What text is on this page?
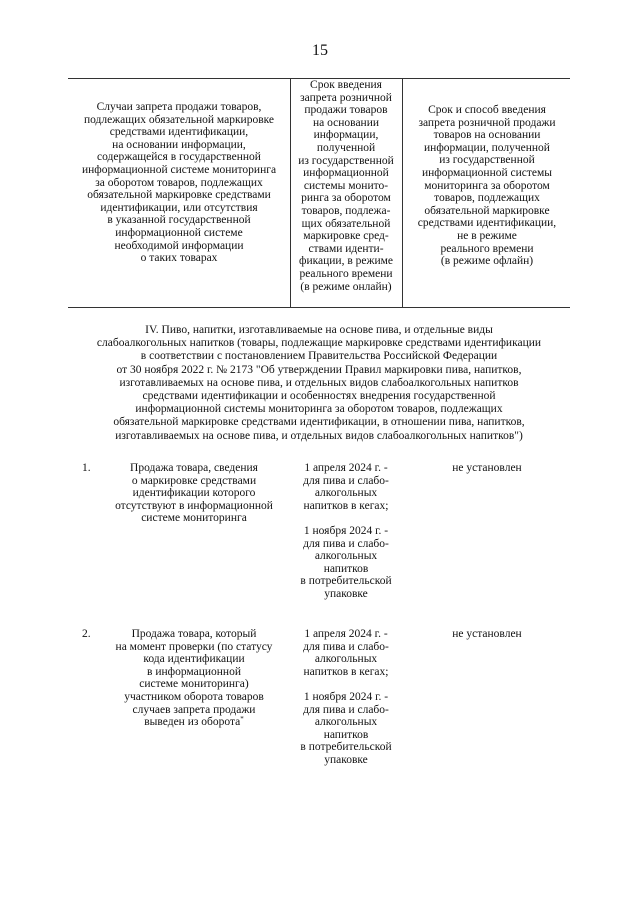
15
Случаи запрета продажи товаров,
подлежащих обязательной маркировке
средствами идентификации,
на основании информации,
содержащейся в государственной
информационной системе мониторинга
за оборотом товаров, подлежащих
обязательной маркировке средствами
идентификации, или отсутствия
в указанной государственной
информационной системе
необходимой информации
о таких товарах
Срок введения
запрета розничной
продажи товаров
на основании
информации,
полученной
из государственной
информационной
системы монито-
ринга за оборотом
товаров, подлежа-
щих обязательной
маркировке сред-
ствами иденти-
фикации, в режиме
реального времени
(в режиме онлайн)
Срок и способ введения
запрета розничной продажи
товаров на основании
информации, полученной
из государственной
информационной системы
мониторинга за оборотом
товаров, подлежащих
обязательной маркировке
средствами идентификации,
не в режиме
реального времени
(в режиме офлайн)
IV. Пиво, напитки, изготавливаемые на основе пива, и отдельные виды
слабоалкогольных напитков (товары, подлежащие маркировке средствами идентификации
в соответствии с постановлением Правительства Российской Федерации
от 30 ноября 2022 г. № 2173 "Об утверждении Правил маркировки пива, напитков,
изготавливаемых на основе пива, и отдельных видов слабоалкогольных напитков
средствами идентификации и особенностях внедрения государственной
информационной системы мониторинга за оборотом товаров, подлежащих
обязательной маркировке средствами идентификации, в отношении пива, напитков,
изготавливаемых на основе пива, и отдельных видов слабоалкогольных напитков")
1.	Продажа товара, сведения
о маркировке средствами
идентификации которого
отсутствуют в информационной
системе мониторинга
1 апреля 2024 г. -
для пива и слабо-
алкогольных
напитков в кегах;
1 ноября 2024 г. -
для пива и слабо-
алкогольных
напитков
в потребительской
упаковке
не установлен
2.	Продажа товара, который
на момент проверки (по статусу
кода идентификации
в информационной
системе мониторинга)
участником оборота товаров
случаев запрета продажи
выведен из оборота*
1 апреля 2024 г. -
для пива и слабо-
алкогольных
напитков в кегах;
1 ноября 2024 г. -
для пива и слабо-
алкогольных
напитков
в потребительской
упаковке
не установлен
